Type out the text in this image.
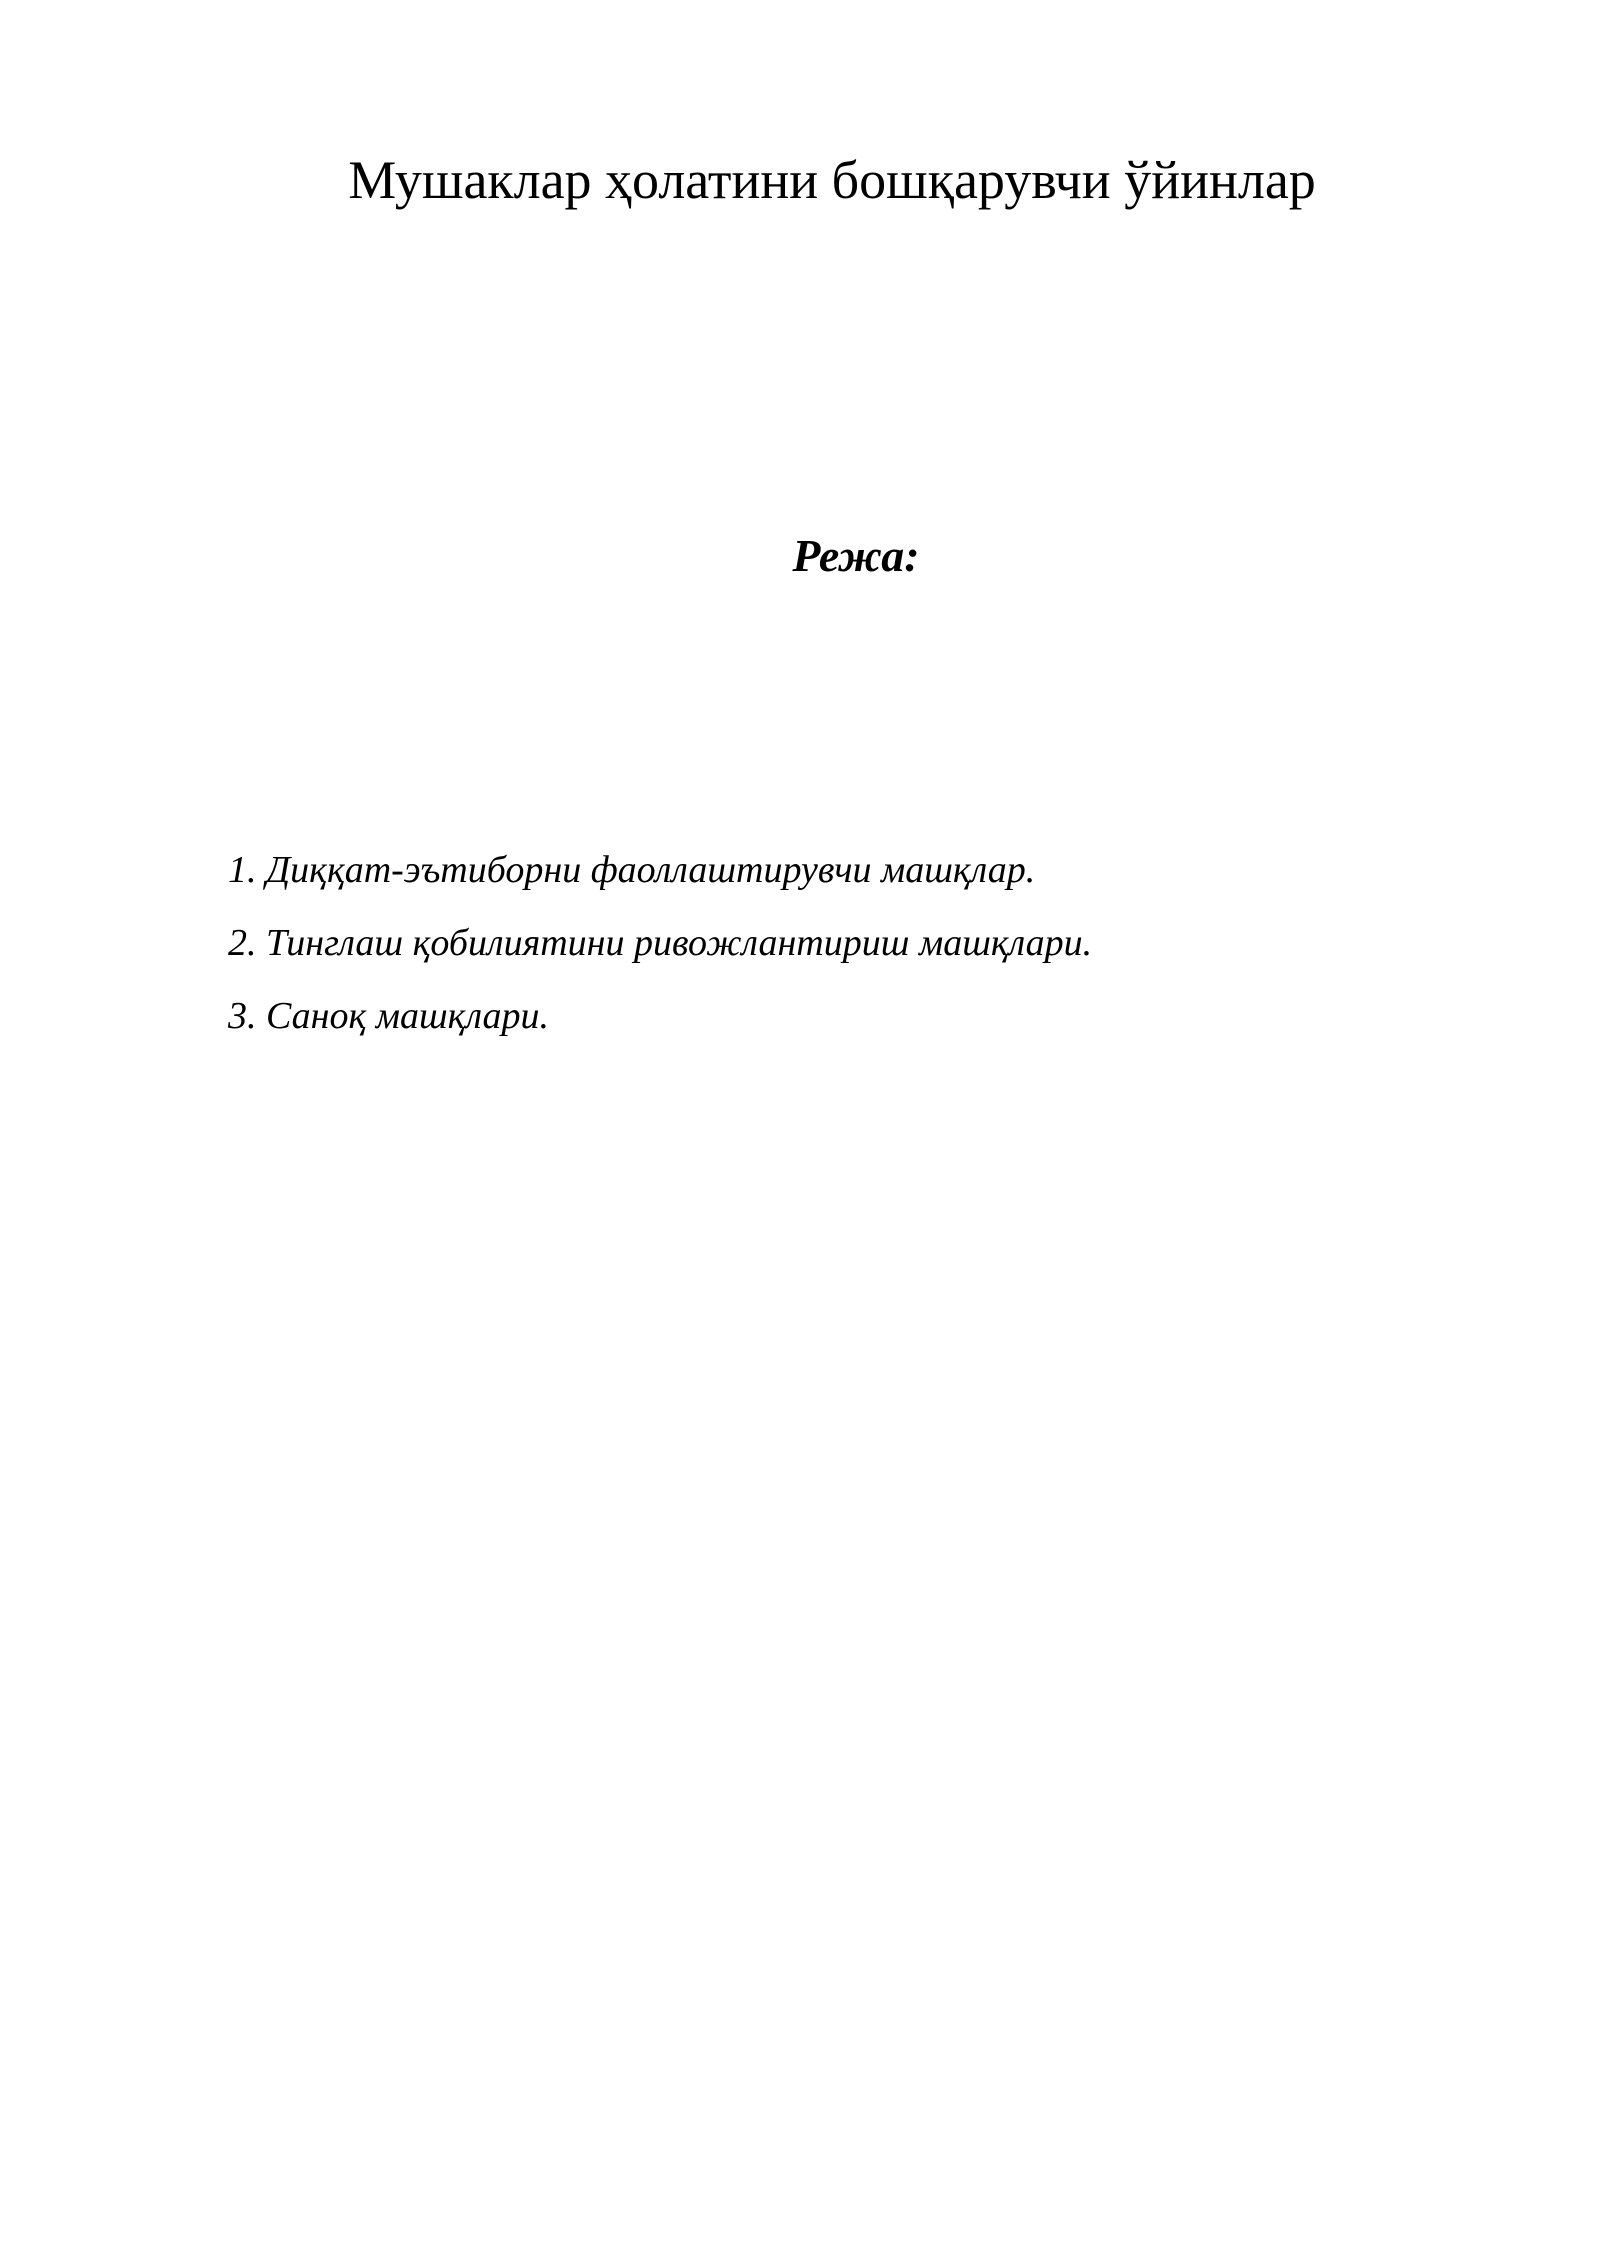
Мушаклар ҳолатини бошқарувчи ўйинлар
Режа:
1. Диққат-эътиборни фаоллаштирувчи машқлар.
2. Тинглаш қобилиятини ривожлантириш машқлари.
3. Саноқ машқлари.
